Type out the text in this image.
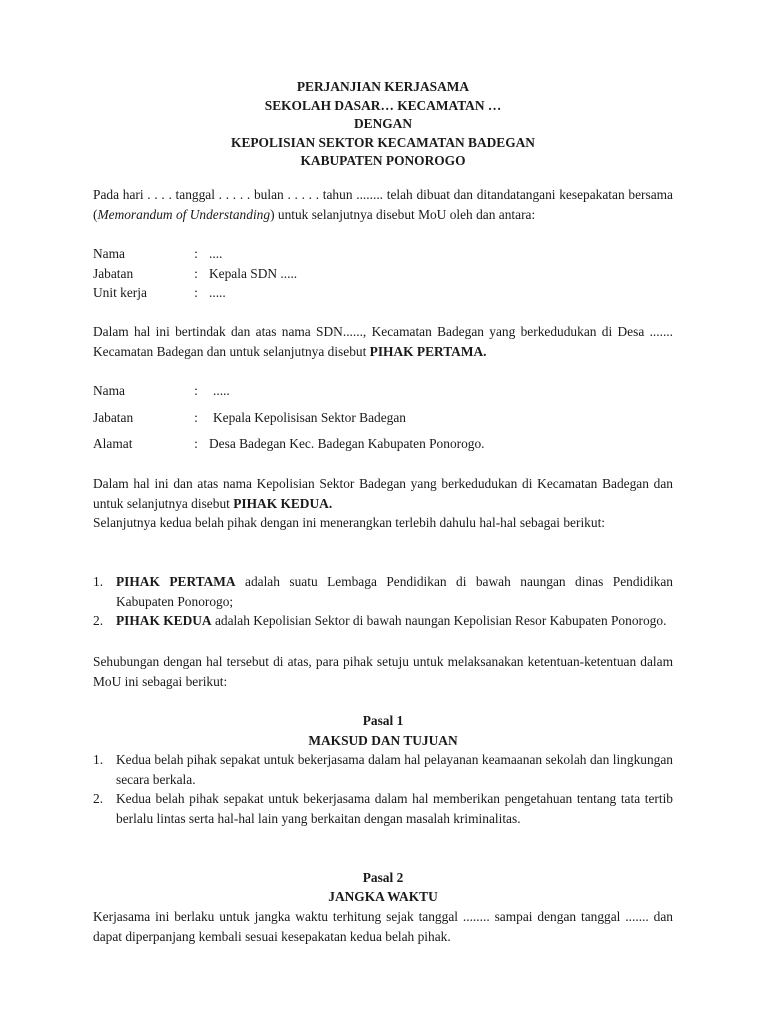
PERJANJIAN KERJASAMA
SEKOLAH DASAR… KECAMATAN …
DENGAN
KEPOLISIAN SEKTOR KECAMATAN BADEGAN
KABUPATEN PONOROGO
Pada hari . . . . tanggal . . . . . bulan . . . . . tahun ........ telah dibuat dan ditandatangani kesepakatan bersama (Memorandum of Understanding) untuk selanjutnya disebut MoU oleh dan antara:
Nama	: ....
Jabatan	: Kepala SDN .....
Unit kerja	: .....
Dalam hal ini bertindak dan atas nama SDN......, Kecamatan Badegan yang berkedudukan di Desa ....... Kecamatan Badegan dan untuk selanjutnya disebut PIHAK PERTAMA.
Nama	:	.....
Jabatan	:	Kepala Kepolisisan Sektor Badegan
Alamat	: Desa Badegan Kec. Badegan Kabupaten Ponorogo.
Dalam hal ini dan atas nama Kepolisian Sektor Badegan yang berkedudukan di Kecamatan Badegan dan untuk selanjutnya disebut PIHAK KEDUA.
Selanjutnya kedua belah pihak dengan ini menerangkan terlebih dahulu hal-hal sebagai berikut:
1. PIHAK PERTAMA adalah suatu Lembaga Pendidikan di bawah naungan dinas Pendidikan Kabupaten Ponorogo;
2. PIHAK KEDUA adalah Kepolisian Sektor di bawah naungan Kepolisian Resor Kabupaten Ponorogo.
Sehubungan dengan hal tersebut di atas, para pihak setuju untuk melaksanakan ketentuan-ketentuan dalam MoU ini sebagai berikut:
Pasal 1
MAKSUD DAN TUJUAN
1. Kedua belah pihak sepakat untuk bekerjasama dalam hal pelayanan keamaanan sekolah dan lingkungan secara berkala.
2. Kedua belah pihak sepakat untuk bekerjasama dalam hal memberikan pengetahuan tentang tata tertib berlalu lintas serta hal-hal lain yang berkaitan dengan masalah kriminalitas.
Pasal 2
JANGKA WAKTU
Kerjasama ini berlaku untuk jangka waktu terhitung sejak tanggal ........ sampai dengan tanggal ....... dan dapat diperpanjang kembali sesuai kesepakatan kedua belah pihak.
